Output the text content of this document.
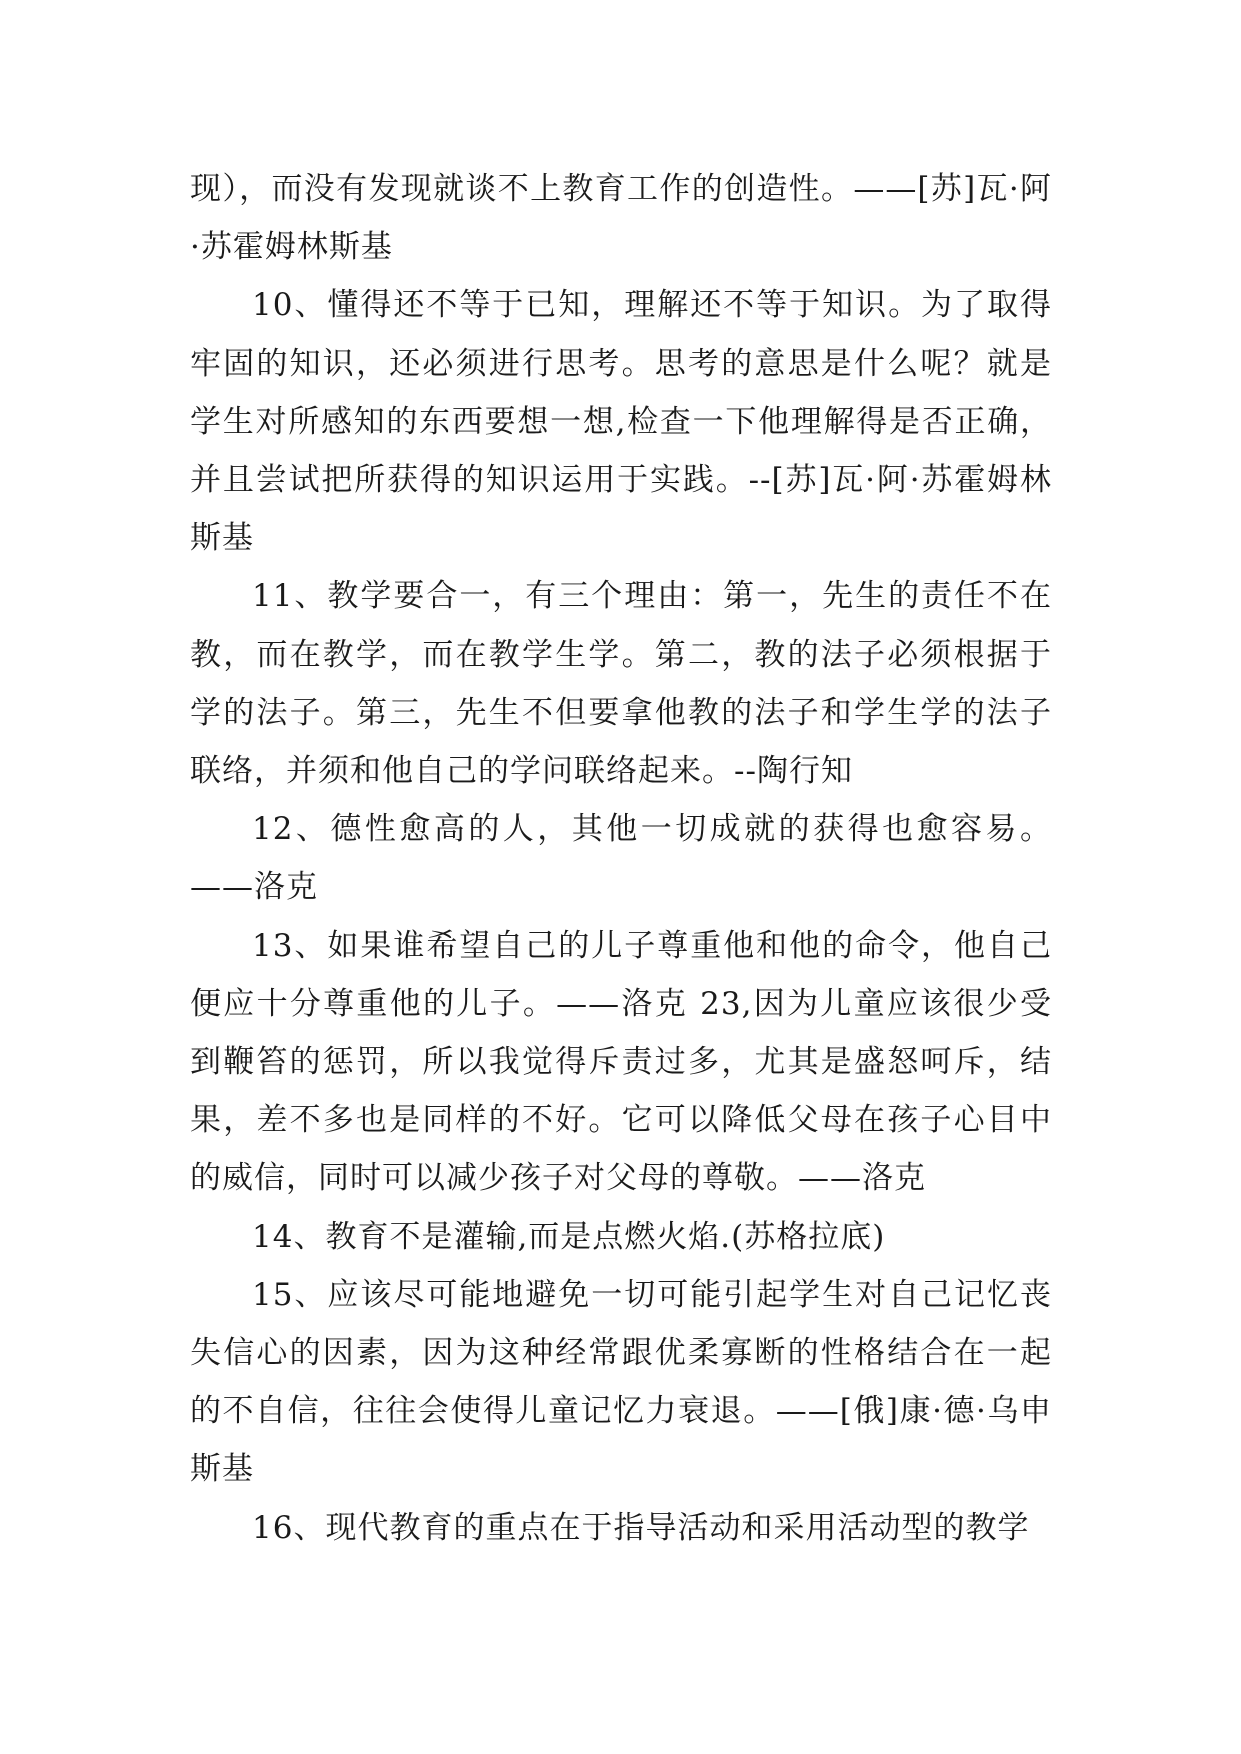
现），而没有发现就谈不上教育工作的创造性。——[苏]瓦·阿·苏霍姆林斯基

10、懂得还不等于已知，理解还不等于知识。为了取得牢固的知识，还必须进行思考。思考的意思是什么呢？就是学生对所感知的东西要想一想,检查一下他理解得是否正确，并且尝试把所获得的知识运用于实践。--[苏]瓦·阿·苏霍姆林斯基

11、教学要合一，有三个理由：第一，先生的责任不在教，而在教学，而在教学生学。第二，教的法子必须根据于学的法子。第三，先生不但要拿他教的法子和学生学的法子联络，并须和他自己的学问联络起来。--陶行知

12、德性愈高的人，其他一切成就的获得也愈容易。——洛克

13、如果谁希望自己的儿子尊重他和他的命令，他自己便应十分尊重他的儿子。——洛克 23,因为儿童应该很少受到鞭笞的惩罚，所以我觉得斥责过多，尤其是盛怒呵斥，结果，差不多也是同样的不好。它可以降低父母在孩子心目中的威信，同时可以减少孩子对父母的尊敬。——洛克

14、教育不是灌输,而是点燃火焰.(苏格拉底)

15、应该尽可能地避免一切可能引起学生对自己记忆丧失信心的因素，因为这种经常跟优柔寡断的性格结合在一起的不自信，往往会使得儿童记忆力衰退。——[俄]康·德·乌申斯基

16、现代教育的重点在于指导活动和采用活动型的教学
